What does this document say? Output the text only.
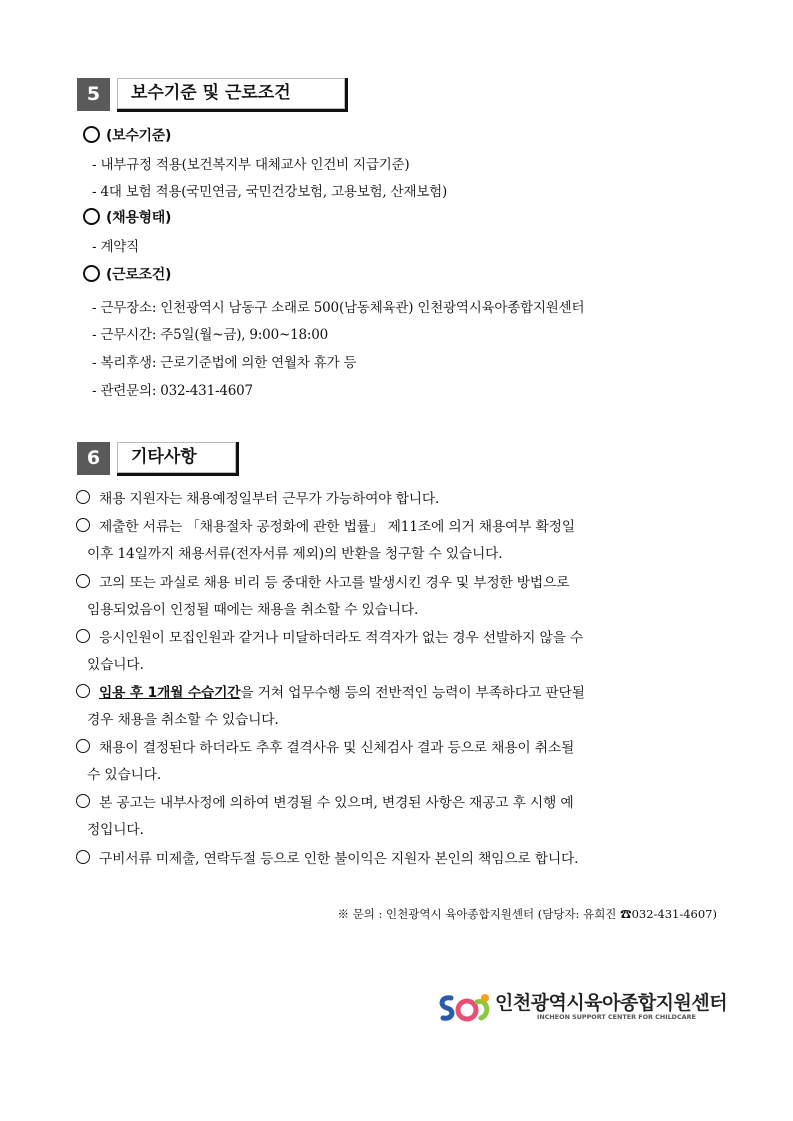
5	보수기준 및 근로조건
(보수기준)
- 내부규정 적용(보건복지부 대체교사 인건비 지급기준)
- 4대 보험 적용(국민연금, 국민건강보험, 고용보험, 산재보험)
(채용형태)
- 계약직
(근로조건)
- 근무장소: 인천광역시 남동구 소래로 500(남동체육관) 인천광역시육아종합지원센터
- 근무시간: 주5일(월~금), 9:00~18:00
- 복리후생: 근로기준법에 의한 연월차 휴가 등
- 관련문의: 032-431-4607
6	기타사항
채용 지원자는 채용예정일부터 근무가 가능하여야 합니다.
제출한 서류는 「채용절차 공정화에 관한 법률」 제11조에 의거 채용여부 확정일
이후 14일까지 채용서류(전자서류 제외)의 반환을 청구할 수 있습니다.
고의 또는 과실로 채용 비리 등 중대한 사고를 발생시킨 경우 및 부정한 방법으로
임용되었음이 인정될 때에는 채용을 취소할 수 있습니다.
응시인원이 모집인원과 같거나 미달하더라도 적격자가 없는 경우 선발하지 않을 수
있습니다.
임용 후 1개월 수습기간을 거쳐 업무수행 등의 전반적인 능력이 부족하다고 판단될
경우 채용을 취소할 수 있습니다.
채용이 결정된다 하더라도 추후 결격사유 및 신체검사 결과 등으로 채용이 취소될
수 있습니다.
본 공고는 내부사정에 의하여 변경될 수 있으며, 변경된 사항은 재공고 후 시행 예
정입니다.
구비서류 미제출, 연락두절 등으로 인한 불이익은 지원자 본인의 책임으로 합니다.
※ 문의 : 인천광역시 육아종합지원센터 (담당자: 유희진 ☎032-431-4607)
인천광역시육아종합지원센터
INCHEON SUPPORT CENTER FOR CHILDCARE
